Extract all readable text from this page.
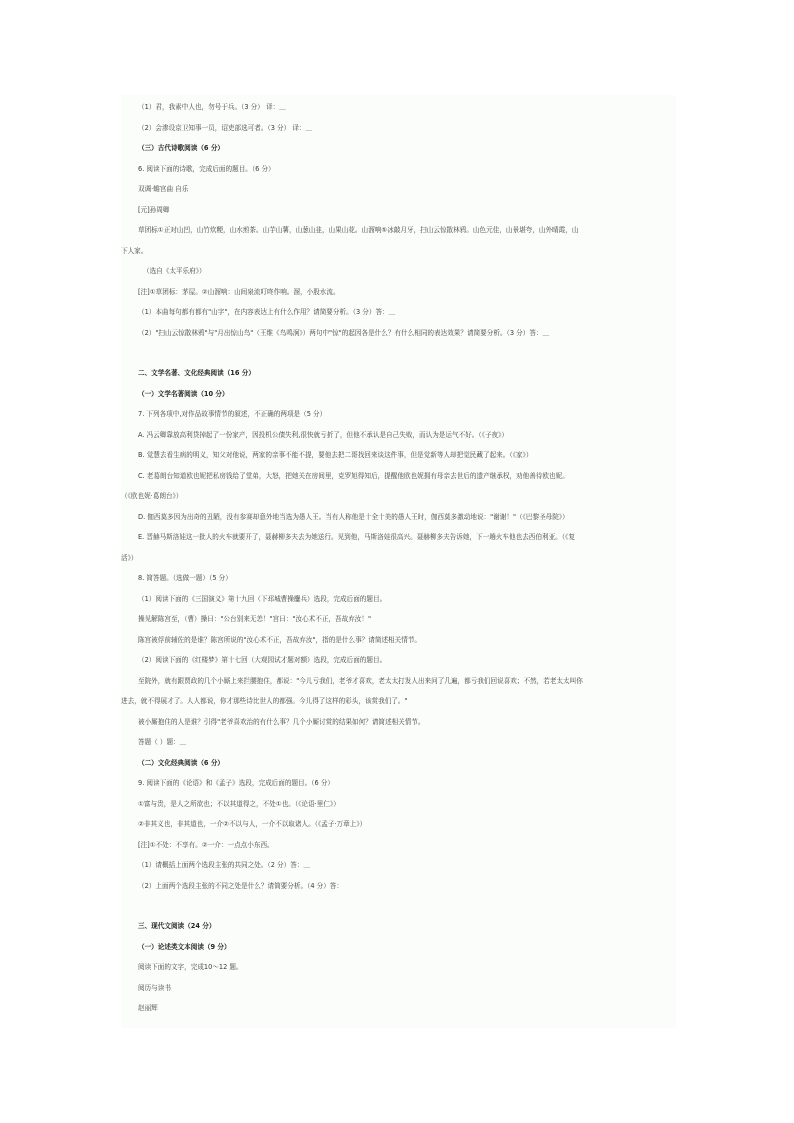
（1）君，我素中人也，勿号于兵。（3 分） 译：＿
（2）会渗设京卫知事一员，诏吏部选可者。（3 分） 译：＿
（三）古代诗歌阅读（6 分）
6. 阅读下面的诗歌，完成后面的题目。（6 分）
双调·蟾宫曲 自乐
[元]孙周卿
草团标①正对山凹，山竹炊粳，山水煎茶。山芋山薯，山葱山韭，山果山花。山溜响⑤冰敲月牙，扫山云惊散林鸦。山色元佳，山景堪夸，山外晴霞，山
下人家。
（选自《太平乐府》）
[注]①草团标：茅屋。②山溜响：山间泉流叮咚作响。溜，小股水流。
（1）本曲每句都有都有"山字"，在内容表达上有什么作用？请简要分析。（3 分）答：＿
（2）"扫山云惊散林鸦"与"月出惊山鸟"（王维《鸟鸣涧》）两句中"惊"的起因各是什么？有什么相同的表达效果？请简要分析。（3 分）答：＿
二、文学名著、文化经典阅读（16 分）
（一）文学名著阅读（10 分）
7. 下列各项中,对作品故事情节的叙述，不正确的两项是（5 分）
A. 冯云卿靠放高利贷掉起了一份家产，因投机公债失利,很快就亏折了，但他不承认是自己失败，而认为是运气不好。（《子夜》）
B. 觉慧去看生病的明义，知父对他说，两家的亲事不能不提，要他去把二哥找回来谈这件事，但是觉新等人却把觉民藏了起来。（《家》）
C. 老葛朗台知道欧也妮把私房钱给了堂弟，大怒，把她关在房间里，克罗旭得知后，提醒他欧也妮拥有母亲去世后的遗产继承权，劝他善待欧也妮。
（《欧也妮·葛朗台》）
D. 伽西莫多因为出奇的丑陋，没有参赛却意外地当选为愚人王。当有人称他是十全十美的愚人王时，伽西莫多激动地说："谢谢！"（《巴黎圣母院》）
E. 晋赫马斯洛娃这一批人的火车就要开了，聂赫柳多夫去为她送行。见到他，马斯洛娃很高兴。聂赫柳多夫告诉她，下一趟火车他也去西伯利亚。（《复
活》）
8. 简答题。（选做一题）（5 分）
（1）阅读下面的《三国演义》第十九回（下邳城曹操鏖兵）选段，完成后面的题目。
操见解陈宫至，（曹）操曰："公台别来无恙！"宫曰："汝心术不正，吾故弃汝！"
陈宫被俘前辅佐的是谁？陈宫所说的"汝心术不正，吾故弃汝"，指的是什么事？请简述相关情节。
（2）阅读下面的《红楼梦》第十七回（大观园试才题对额）选段，完成后面的题目。
至院外，就有跟贾政的几个小厮上来拦腰抱住，都说："今儿亏我们，老爷才喜欢，老太太打发人出来问了几遍，都亏我们回说喜欢；不然，若老太太叫你
进去，就不得展才了。人人都说，你才那些诗比世人的都强。今儿得了这样的彩头，该赏我们了。"
被小厮抱住的人是谁？引得"老爷喜欢治的有什么事？几个小厮讨赏的结果如何？请简述相关情节。
答题（ ）题：＿
（二）文化经典阅读（6 分）
9. 阅读下面的《论语》和《孟子》选段，完成后面的题目。（6 分）
①富与贵，是人之所欲也；不以其道得之，不处①也。（《论语·里仁》）
②非其义也，非其道也，一介②不以与人，一介不以取诸人。（《孟子·万章上》）
[注]①不处：不享有。②一介：一点点小东西。
（1）请概括上面两个选段主张的共同之处。（2 分）答：＿
（2）上面两个选段主张的不同之处是什么？请简要分析。（4 分）答：
三、现代文阅读（24 分）
（一）论述类文本阅读（9 分）
阅读下面的文字，完成10～12 题。
阅历与读书
赵丽辉
